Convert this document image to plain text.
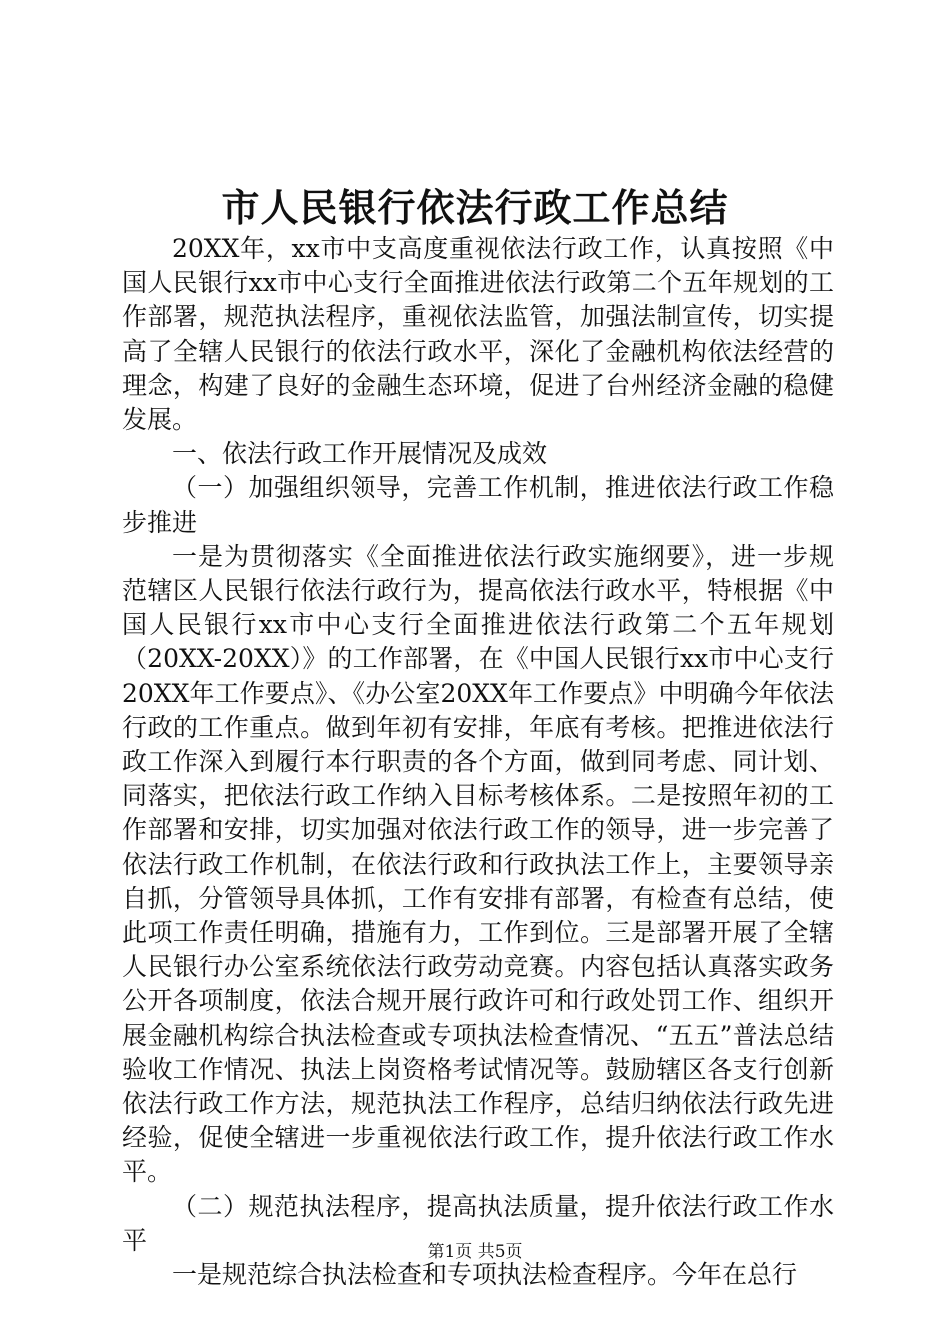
市人民银行依法行政工作总结

20XX年，xx市中支高度重视依法行政工作，认真按照《中国人民银行xx市中心支行全面推进依法行政第二个五年规划的工作部署，规范执法程序，重视依法监管，加强法制宣传，切实提高了全辖人民银行的依法行政水平，深化了金融机构依法经营的理念，构建了良好的金融生态环境，促进了台州经济金融的稳健发展。

一、依法行政工作开展情况及成效

（一）加强组织领导，完善工作机制，推进依法行政工作稳步推进

一是为贯彻落实《全面推进依法行政实施纲要》，进一步规范辖区人民银行依法行政行为，提高依法行政水平，特根据《中国人民银行xx市中心支行全面推进依法行政第二个五年规划（20XX-20XX）》的工作部署，在《中国人民银行xx市中心支行20XX年工作要点》、《办公室20XX年工作要点》中明确今年依法行政的工作重点。做到年初有安排，年底有考核。把推进依法行政工作深入到履行本行职责的各个方面，做到同考虑、同计划、同落实，把依法行政工作纳入目标考核体系。二是按照年初的工作部署和安排，切实加强对依法行政工作的领导，进一步完善了依法行政工作机制，在依法行政和行政执法工作上，主要领导亲自抓，分管领导具体抓，工作有安排有部署，有检查有总结，使此项工作责任明确，措施有力，工作到位。三是部署开展了全辖人民银行办公室系统依法行政劳动竞赛。内容包括认真落实政务公开各项制度，依法合规开展行政许可和行政处罚工作、组织开展金融机构综合执法检查或专项执法检查情况、“五五”普法总结验收工作情况、执法上岗资格考试情况等。鼓励辖区各支行创新依法行政工作方法，规范执法工作程序，总结归纳依法行政先进经验，促使全辖进一步重视依法行政工作，提升依法行政工作水平。

（二）规范执法程序，提高执法质量，提升依法行政工作水平

一是规范综合执法检查和专项执法检查程序。今年在总行

第1页 共5页
